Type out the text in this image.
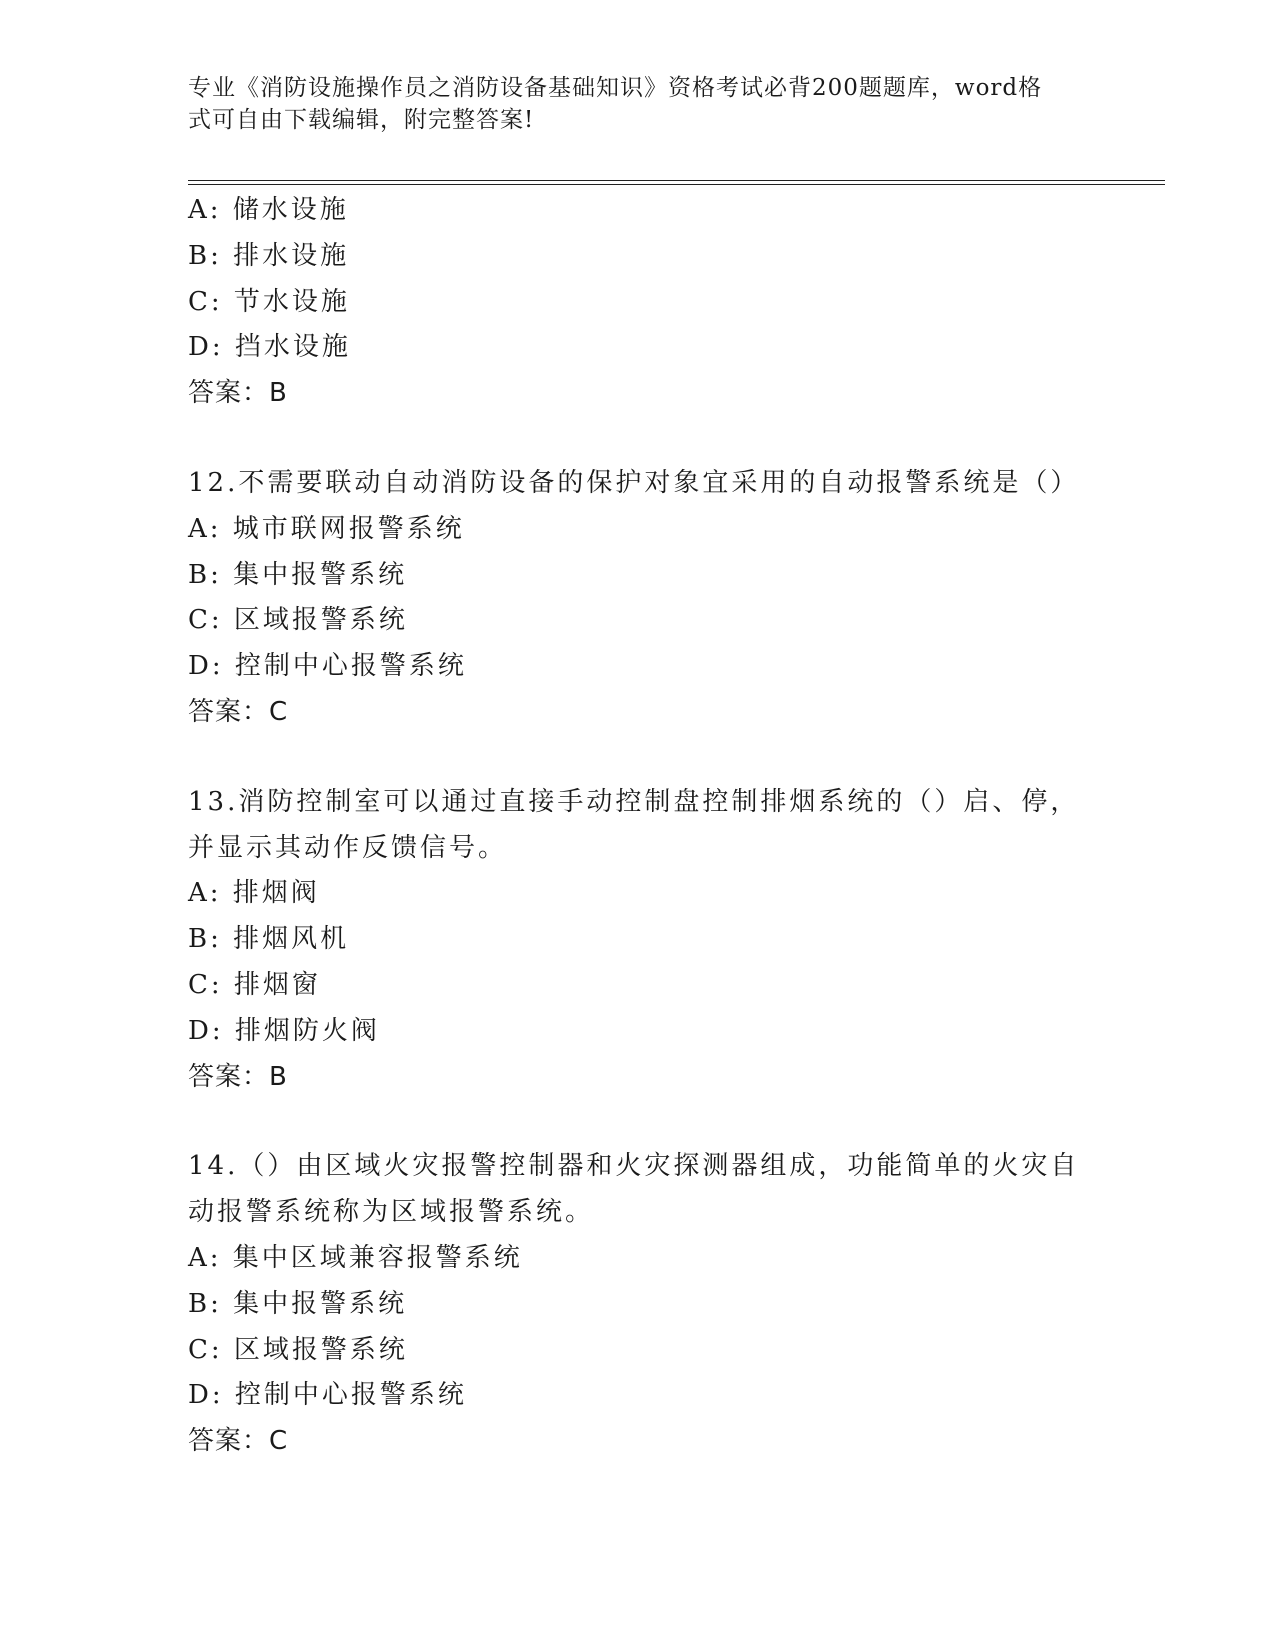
专业《消防设施操作员之消防设备基础知识》资格考试必背200题题库，word格
式可自由下载编辑，附完整答案!
A: 储水设施
B: 排水设施
C: 节水设施
D: 挡水设施
答案：B
12.不需要联动自动消防设备的保护对象宜采用的自动报警系统是（）
A: 城市联网报警系统
B: 集中报警系统
C: 区域报警系统
D: 控制中心报警系统
答案：C
13.消防控制室可以通过直接手动控制盘控制排烟系统的（）启、停，
并显示其动作反馈信号。
A: 排烟阀
B: 排烟风机
C: 排烟窗
D: 排烟防火阀
答案：B
14.（）由区域火灾报警控制器和火灾探测器组成，功能简单的火灾自
动报警系统称为区域报警系统。
A: 集中区域兼容报警系统
B: 集中报警系统
C: 区域报警系统
D: 控制中心报警系统
答案：C
